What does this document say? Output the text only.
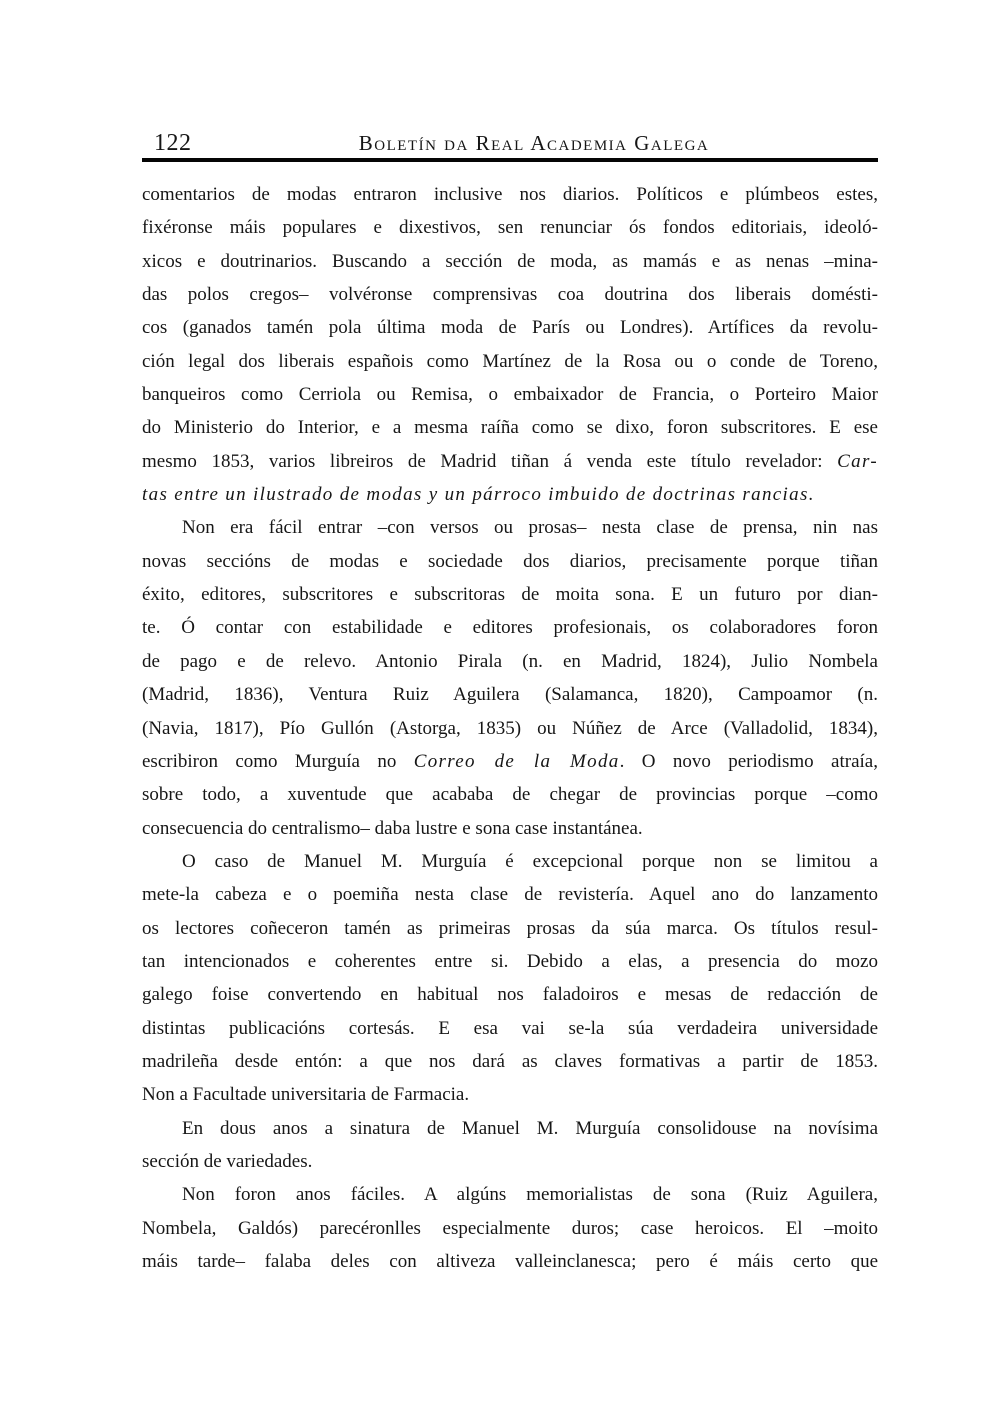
122	Boletín da Real Academia Galega
comentarios de modas entraron inclusive nos diarios. Políticos e plúmbeos estes,
fixéronse máis populares e dixestivos, sen renunciar ós fondos editoriais, ideoló-
xicos e doutrinarios. Buscando a sección de moda, as mamás e as nenas –mina-
das polos cregos– volvéronse comprensivas coa doutrina dos liberais domésti-
cos (ganados tamén pola última moda de París ou Londres). Artífices da revolu-
ción legal dos liberais españois como Martínez de la Rosa ou o conde de Toreno,
banqueiros como Cerriola ou Remisa, o embaixador de Francia, o Porteiro Maior
do Ministerio do Interior, e a mesma raíña como se dixo, foron subscritores. E ese
mesmo 1853, varios libreiros de Madrid tiñan á venda este título revelador: Car-
tas entre un ilustrado de modas y un párroco imbuido de doctrinas rancias.
Non era fácil entrar –con versos ou prosas– nesta clase de prensa, nin nas
novas seccións de modas e sociedade dos diarios, precisamente porque tiñan
éxito, editores, subscritores e subscritoras de moita sona. E un futuro por dian-
te. Ó contar con estabilidade e editores profesionais, os colaboradores foron
de pago e de relevo. Antonio Pirala (n. en Madrid, 1824), Julio Nombela
(Madrid, 1836), Ventura Ruiz Aguilera (Salamanca, 1820), Campoamor (n.
(Navia, 1817), Pío Gullón (Astorga, 1835) ou Núñez de Arce (Valladolid, 1834),
escribiron como Murguía no Correo de la Moda. O novo periodismo atraía,
sobre todo, a xuventude que acababa de chegar de provincias porque –como
consecuencia do centralismo– daba lustre e sona case instantánea.
O caso de Manuel M. Murguía é excepcional porque non se limitou a
mete-la cabeza e o poemiña nesta clase de revistería. Aquel ano do lanzamento
os lectores coñeceron tamén as primeiras prosas da súa marca. Os títulos resul-
tan intencionados e coherentes entre si. Debido a elas, a presencia do mozo
galego foise convertendo en habitual nos faladoiros e mesas de redacción de
distintas publicacións cortesás. E esa vai se-la súa verdadeira universidade
madrileña desde entón: a que nos dará as claves formativas a partir de 1853.
Non a Facultade universitaria de Farmacia.
En dous anos a sinatura de Manuel M. Murguía consolidouse na novísima
sección de variedades.
Non foron anos fáciles. A algúns memorialistas de sona (Ruiz Aguilera,
Nombela, Galdós) parecéronlles especialmente duros; case heroicos. El –moito
máis tarde– falaba deles con altiveza valleinclanesca; pero é máis certo que
